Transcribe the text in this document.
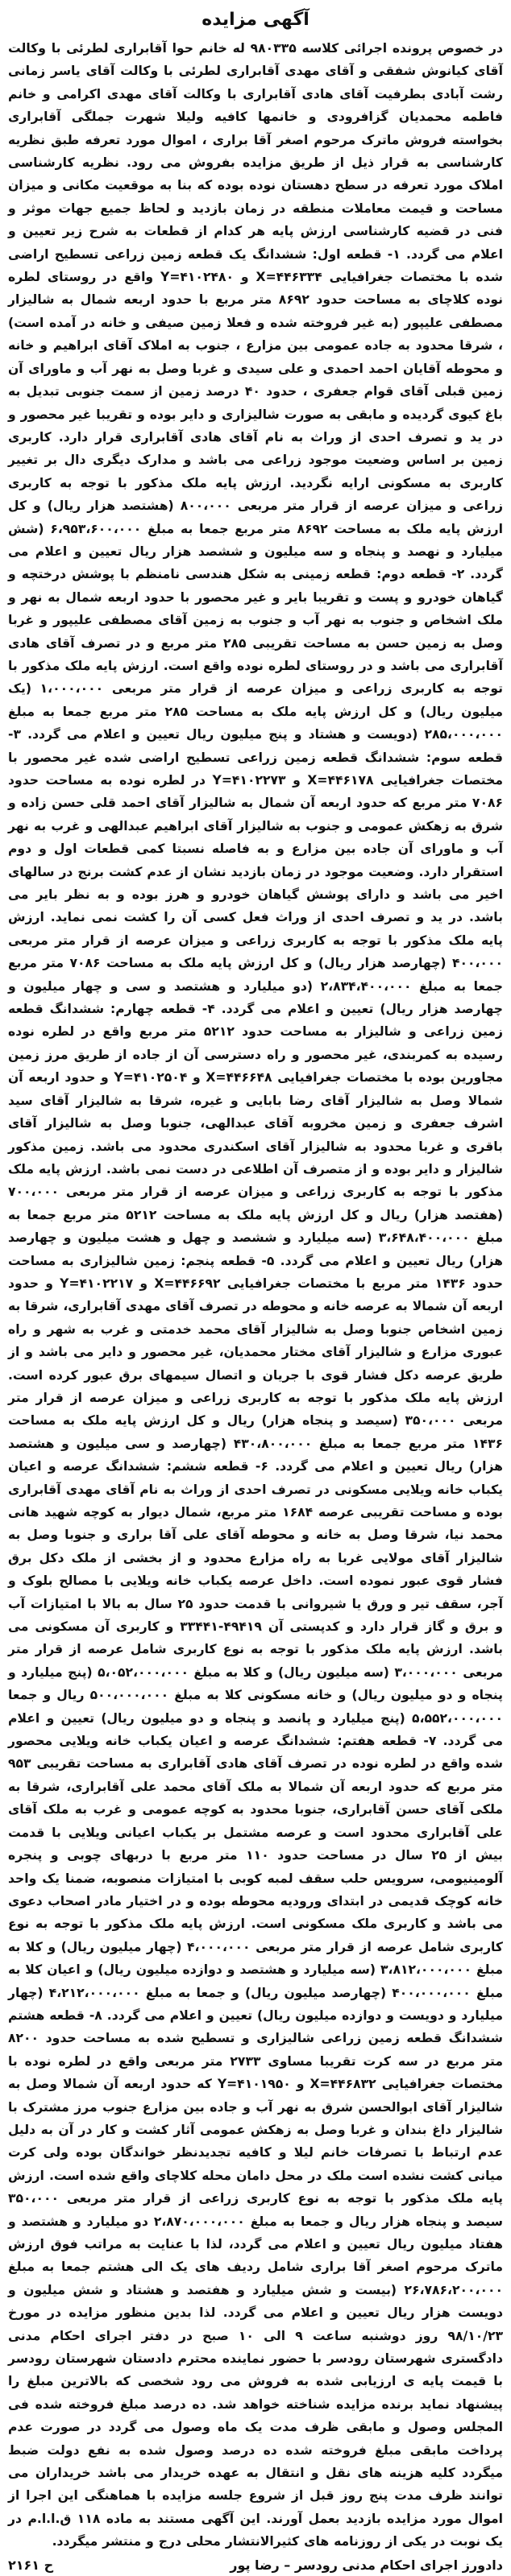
آگهی مزایده

در خصوص پرونده اجرائی کلاسه ۹۸۰۳۳۵ له خانم حوا آقابراری لطرئی با وکالت آقای کیانوش شفقی و آقای مهدی آقابراری لطرئی با وکالت آقای یاسر زمانی رشت آبادی بطرفیت آقای هادی آقابراری با وکالت آقای مهدی اکرامی و خانم فاطمه محمدیان گزافرودی و خانمها کافیه ولیلا شهرت جملگی آقابراری بخواسته فروش ماترک مرحوم اصغر آقا براری ، اموال مورد تعرفه طبق نظریه کارشناسی به قرار ذیل از طریق مزایده بفروش می رود. نظریه کارشناسی املاک مورد تعرفه در سطح دهستان نوده بوده که بنا به موقعیت مکانی و میزان مساحت و قیمت معاملات منطقه در زمان بازدید و لحاظ جمیع جهات موثر و فنی در قضیه کارشناسی ارزش پایه هر کدام از قطعات به شرح زیر تعیین و اعلام می گردد. ۱- قطعه اول: ششدانگ یک قطعه زمین زراعی تسطیح اراضی شده با مختصات جغرافیایی X=۴۴۶۳۳۴ و Y=۴۱۰۲۴۸۰ واقع در روستای لطره نوده کلاچای به مساحت حدود ۸۶۹۲ متر مربع با حدود اربعه شمال به شالیزار مصطفی علیپور (به غیر فروخته شده و فعلا زمین صیفی و خانه در آمده است) ، شرقا محدود به جاده عمومی بین مزارع ، جنوب به املاک آقای ابراهیم و خانه و محوطه آقایان احمد احمدی و علی سیدی و غربا وصل به نهر آب و ماورای آن زمین قبلی آقای قوام جعفری ، حدود ۴۰ درصد زمین از سمت جنوبی تبدیل به باغ کیوی گردیده و مابقی به صورت شالیزاری و دایر بوده و تقریبا غیر محصور و در ید و تصرف احدی از وراث به نام آقای هادی آقابراری قرار دارد. کاربری زمین بر اساس وضعیت موجود زراعی می باشد و مدارک دیگری دال بر تغییر کاربری به مسکونی ارایه نگردید. ارزش پایه ملک مذکور با توجه به کاربری زراعی و میزان عرصه از قرار متر مربعی ۸۰۰،۰۰۰ (هشتصد هزار ریال) و کل ارزش پایه ملک به مساحت ۸۶۹۲ متر مربع جمعا به مبلغ ۶،۹۵۳،۶۰۰،۰۰۰ (شش میلیارد و نهصد و پنجاه و سه میلیون و ششصد هزار ریال تعیین و اعلام می گردد. ۲- قطعه دوم: قطعه زمینی به شکل هندسی نامنظم با پوشش درختچه و گیاهان خودرو و پست و تقریبا بایر و غیر محصور با حدود اربعه شمال به نهر و ملک اشخاص و جنوب به نهر آب و جنوب به زمین آقای مصطفی علیپور و غربا وصل به زمین حسن به مساحت تقریبی ۲۸۵ متر مربع و در تصرف آقای هادی آقابراری می باشد و در روستای لطره نوده واقع است. ارزش پایه ملک مذکور با توجه به کاربری زراعی و میزان عرصه از قرار متر مربعی ۱،۰۰۰،۰۰۰ (یک میلیون ریال) و کل ارزش پایه ملک به مساحت ۲۸۵ متر مربع جمعا به مبلغ ۲۸۵،۰۰۰،۰۰۰ (دویست و هشتاد و پنج میلیون ریال تعیین و اعلام می گردد. ۳- قطعه سوم: ششدانگ قطعه زمین زراعی تسطیح اراضی شده غیر محصور با مختصات جغرافیایی X=۴۴۶۱۷۸ و Y=۴۱۰۲۲۷۳ در لطره نوده به مساحت حدود ۷۰۸۶ متر مربع که حدود اربعه آن شمال به شالیزار آقای احمد قلی حسن زاده و شرق به زهکش عمومی و جنوب به شالیزار آقای ابراهیم عبدالهی و غرب به نهر آب و ماورای آن جاده بین مزارع و به فاصله نسبتا کمی قطعات اول و دوم استقرار دارد. وضعیت موجود در زمان بازدید نشان از عدم کشت برنج در سالهای اخیر می باشد و دارای پوشش گیاهان خودرو و هرز بوده و به نظر بایر می باشد. در ید و تصرف احدی از وراث فعل کسی آن را کشت نمی نماید. ارزش پایه ملک مذکور با توجه به کاربری زراعی و میزان عرصه از قرار متر مربعی ۴۰۰،۰۰۰ (چهارصد هزار ریال) و کل ارزش پایه ملک به مساحت ۷۰۸۶ متر مربع جمعا به مبلغ ۲،۸۳۴،۴۰۰،۰۰۰ (دو میلیارد و هشتصد و سی و چهار میلیون و چهارصد هزار ریال) تعیین و اعلام می گردد. ۴- قطعه چهارم: ششدانگ قطعه زمین زراعی و شالیزار به مساحت حدود ۵۲۱۲ متر مربع واقع در لطره نوده رسیده به کمربندی، غیر محصور و راه دسترسی آن از جاده از طریق مرز زمین مجاورین بوده با مختصات جغرافیایی X=۴۴۶۶۴۸ و Y=۴۱۰۲۵۰۴ و حدود اربعه آن شمالا وصل به شالیزار آقای رضا بابایی و غیره، شرقا به شالیزار آقای سید اشرف جعفری و زمین مخروبه آقای عبدالهی، جنوبا وصل به شالیزار آقای باقری و غربا محدود به شالیزار آقای اسکندری محدود می باشد. زمین مذکور شالیزار و دایر بوده و از متصرف آن اطلاعی در دست نمی باشد. ارزش پایه ملک مذکور با توجه به کاربری زراعی و میزان عرصه از قرار متر مربعی ۷۰۰،۰۰۰ (هفتصد هزار) ریال و کل ارزش پایه ملک به مساحت ۵۲۱۲ متر مربع جمعا به مبلغ ۳،۶۴۸،۴۰۰،۰۰۰ (سه میلیارد و ششصد و چهل و هشت میلیون و چهارصد هزار) ریال تعیین و اعلام می گردد. ۵- قطعه پنجم: زمین شالیزاری به مساحت حدود ۱۴۳۶ متر مربع با مختصات جغرافیایی X=۴۴۶۶۹۲ و Y=۴۱۰۲۲۱۷ و حدود اربعه آن شمالا به عرصه خانه و محوطه در تصرف آقای مهدی آقابراری، شرقا به زمین اشخاص جنوبا وصل به شالیزار آقای محمد خدمتی و غرب به شهر و راه عبوری مزارع و شالیزار آقای مختار محمدیان، غیر محصور و دایر می باشد و از طریق عرصه دکل فشار قوی با جریان و اتصال سیمهای برق عبور کرده است. ارزش پایه ملک مذکور با توجه به کاربری زراعی و میزان عرصه از قرار متر مربعی ۳۵۰،۰۰۰ (سیصد و پنجاه هزار) ریال و کل ارزش پایه ملک به مساحت ۱۴۳۶ متر مربع جمعا به مبلغ ۴۳۰،۸۰۰،۰۰۰ (چهارصد و سی میلیون و هشتصد هزار) ریال تعیین و اعلام می گردد. ۶- قطعه ششم: ششدانگ عرصه و اعیان یکباب خانه ویلایی مسکونی در تصرف احدی از وراث به نام آقای مهدی آقابراری بوده و مساحت تقریبی عرصه ۱۶۸۴ متر مربع، شمال دیوار به کوچه شهید هانی محمد نیا، شرقا وصل به خانه و محوطه آقای علی آقا براری و جنوبا وصل به شالیزار آقای مولایی غربا به راه مزارع محدود و از بخشی از ملک دکل برق فشار قوی عبور نموده است. داخل عرصه یکباب خانه ویلایی با مصالح بلوک و آجر، سقف تیر و ورق یا شیروانی با قدمت حدود ۲۵ سال به بالا با امتیازات آب و برق و گاز قرار دارد و کدپستی آن ۴۹۴۱۹-۳۳۴۴۱ و کاربری آن مسکونی می باشد. ارزش پایه ملک مذکور با توجه به نوع کاربری شامل عرصه از قرار متر مربعی ۳،۰۰۰،۰۰۰ (سه میلیون ریال) و کلا به مبلغ ۵،۰۵۲،۰۰۰،۰۰۰ (پنج میلیارد و پنجاه و دو میلیون ریال) و خانه مسکونی کلا به مبلغ ۵۰۰،۰۰۰،۰۰۰ ریال و جمعا ۵،۵۵۲،۰۰۰،۰۰۰ (پنج میلیارد و پانصد و پنجاه و دو میلیون ریال) تعیین و اعلام می گردد. ۷- قطعه هفتم: ششدانگ عرصه و اعیان یکباب خانه ویلایی محصور شده واقع در لطره نوده در تصرف آقای هادی آقابراری به مساحت تقریبی ۹۵۳ متر مربع که حدود اربعه آن شمالا به ملک آقای محمد علی آقابراری، شرقا به ملکی آقای حسن آقابراری، جنوبا محدود به کوچه عمومی و غرب به ملک آقای علی آقابراری محدود است و عرصه مشتمل بر یکباب اعیانی ویلایی با قدمت بیش از ۲۵ سال در مساحت حدود ۱۱۰ متر مربع با دربهای چوبی و پنجره آلومینیومی، سرویس حلب سقف لمبه کوبی با امتیازات منصوبه، ضمنا یک واحد خانه کوچک قدیمی در ابتدای ورودیه محوطه بوده و در اختیار مادر اصحاب دعوی می باشد و کاربری ملک مسکونی است. ارزش پایه ملک مذکور با توجه به نوع کاربری شامل عرصه از قرار متر مربعی ۴،۰۰۰،۰۰۰ (چهار میلیون ریال) و کلا به مبلغ ۳،۸۱۲،۰۰۰،۰۰۰ (سه میلیارد و هشتصد و دوازده میلیون ریال) و اعیان کلا به مبلغ ۴۰۰،۰۰۰،۰۰۰ (چهارصد میلیون ریال) و جمعا به مبلغ ۴،۲۱۲،۰۰۰،۰۰۰ (چهار میلیارد و دویست و دوازده میلیون ریال) تعیین و اعلام می گردد. ۸- قطعه هشتم ششدانگ قطعه زمین زراعی شالیزاری و تسطیح شده به مساحت حدود ۸۲۰۰ متر مربع در سه کرت تقریبا مساوی ۲۷۳۳ متر مربعی واقع در لطره نوده با مختصات جغرافیایی X=۴۴۶۸۳۲ و Y=۴۱۰۱۹۵۰ که حدود اربعه آن شمالا وصل به شالیزار آقای ابوالحسن شرق به نهر آب و جاده بین مزارع جنوب مرز مشترک با شالیزار داغ بندان و غربا وصل به زهکش عمومی آثار کشت و کار در آن به دلیل عدم ارتباط با تصرفات خانم لیلا و کافیه تجدیدنظر خواندگان بوده ولی کرت میانی کشت نشده است ملک در محل دامان محله کلاچای واقع شده است. ارزش پایه ملک مذکور با توجه به نوع کاربری زراعی از قرار متر مربعی ۳۵۰،۰۰۰ سیصد و پنجاه هزار ریال و جمعا به مبلغ ۲،۸۷۰،۰۰۰،۰۰۰ دو میلیارد و هشتصد و هفتاد میلیون ریال تعیین و اعلام می گردد، لذا با عنایت به مراتب فوق ارزش ماترک مرحوم اصغر آقا براری شامل ردیف های یک الی هشتم جمعا به مبلغ ۲۶،۷۸۶،۲۰۰،۰۰۰ (بیست و شش میلیارد و هفتصد و هشتاد و شش میلیون و دویست هزار ریال تعیین و اعلام می گردد. لذا بدین منظور مزایده در مورخ ۹۸/۱۰/۲۳ روز دوشنبه ساعت ۹ الی ۱۰ صبح در دفتر اجرای احکام مدنی دادگستری شهرستان رودسر با حضور نماینده محترم دادستان شهرستان رودسر با قیمت پایه ی ارزیابی شده به فروش می رود شخصی که بالاترین مبلغ را پیشنهاد نماید برنده مزایده شناخته خواهد شد. ده درصد مبلغ فروخته شده فی المجلس وصول و مابقی ظرف مدت یک ماه وصول می گردد در صورت عدم پرداخت مابقی مبلغ فروخته شده ده درصد وصول شده به نفع دولت ضبط میگردد کلیه هزینه های نقل و انتقال به عهده خریدار می باشد خریداران می توانند ظرف مدت پنج روز قبل از شروع جلسه مزایده با هماهنگی این اجرا از اموال مورد مزایده بازدید بعمل آورند. این آگهی مستند به ماده ۱۱۸ ق.ا.ا.م در یک نوبت در یکی از روزنامه های کثیرالانتشار محلی درج و منتشر میگردد.

دادورز اجرای احکام مدنی رودسر – رضا پور
ح ۲۱۶۱
